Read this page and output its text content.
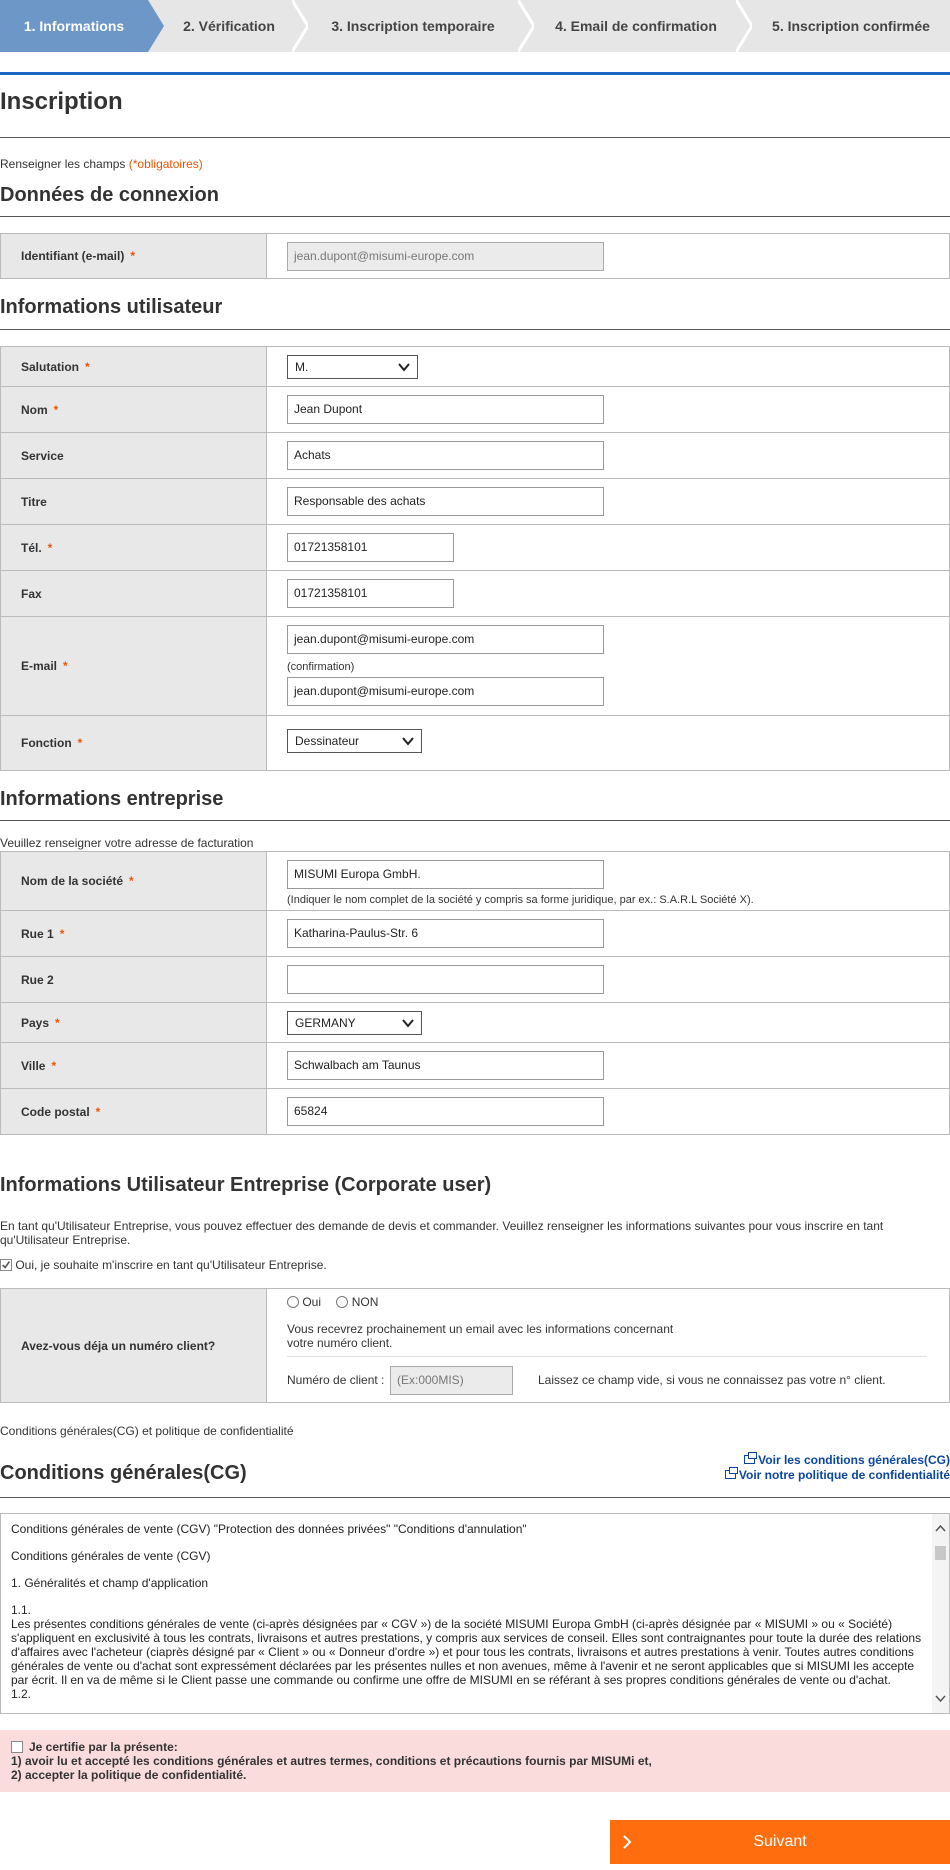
1. Informations	2. Vérification	3. Inscription temporaire	4. Email de confirmation	5. Inscription confirmée
Inscription
Renseigner les champs (*obligatoires)
Données de connexion
Identifiant (e-mail) *	jean.dupont@misumi-europe.com
Informations utilisateur
Salutation *	M.
Nom *	Jean Dupont
Service	Achats
Titre	Responsable des achats
Tél. *	01721358101
Fax	01721358101
E-mail *
jean.dupont@misumi-europe.com
(confirmation)
jean.dupont@misumi-europe.com
Fonction *	Dessinateur
Informations entreprise
Veuillez renseigner votre adresse de facturation
Nom de la société *	MISUMI Europa GmbH.
(Indiquer le nom complet de la société y compris sa forme juridique, par ex.: S.A.R.L Société X).
Rue 1 *	Katharina-Paulus-Str. 6
Rue 2
Pays *	GERMANY
Ville *	Schwalbach am Taunus
Code postal *	65824
Informations Utilisateur Entreprise (Corporate user)
En tant qu'Utilisateur Entreprise, vous pouvez effectuer des demande de devis et commander. Veuillez renseigner les informations suivantes pour vous inscrire en tant qu'Utilisateur Entreprise.
Oui, je souhaite m'inscrire en tant qu'Utilisateur Entreprise.
Avez-vous déja un numéro client?
Oui	NON
Vous recevrez prochainement un email avec les informations concernant votre numéro client.
Numéro de client :	(Ex:000MIS)	Laissez ce champ vide, si vous ne connaissez pas votre n° client.
Conditions générales(CG) et politique de confidentialité
Conditions générales(CG)
Voir les conditions générales(CG)
Voir notre politique de confidentialité

Conditions générales de vente (CGV) "Protection des données privées" "Conditions d'annulation"

Conditions générales de vente (CGV)

1. Généralités et champ d'application

1.1.
Les présentes conditions générales de vente (ci-après désignées par « CGV ») de la société MISUMI Europa GmbH (ci-après désignée par « MISUMI » ou « Société) s'appliquent en exclusivité à tous les contrats, livraisons et autres prestations, y compris aux services de conseil. Elles sont contraignantes pour toute la durée des relations d'affaires avec l'acheteur (ciaprès désigné par « Client » ou « Donneur d'ordre ») et pour tous les contrats, livraisons et autres prestations à venir. Toutes autres conditions générales de vente ou d'achat sont expressément déclarées par les présentes nulles et non avenues, même à l'avenir et ne seront applicables que si MISUMI les accepte par écrit. Il en va de même si le Client passe une commande ou confirme une offre de MISUMI en se référant à ses propres conditions générales de vente ou d'achat.
1.2.

Je certifie par la présente:
1) avoir lu et accepté les conditions générales et autres termes, conditions et précautions fournis par MISUMi et,
2) accepter la politique de confidentialité.
Suivant
